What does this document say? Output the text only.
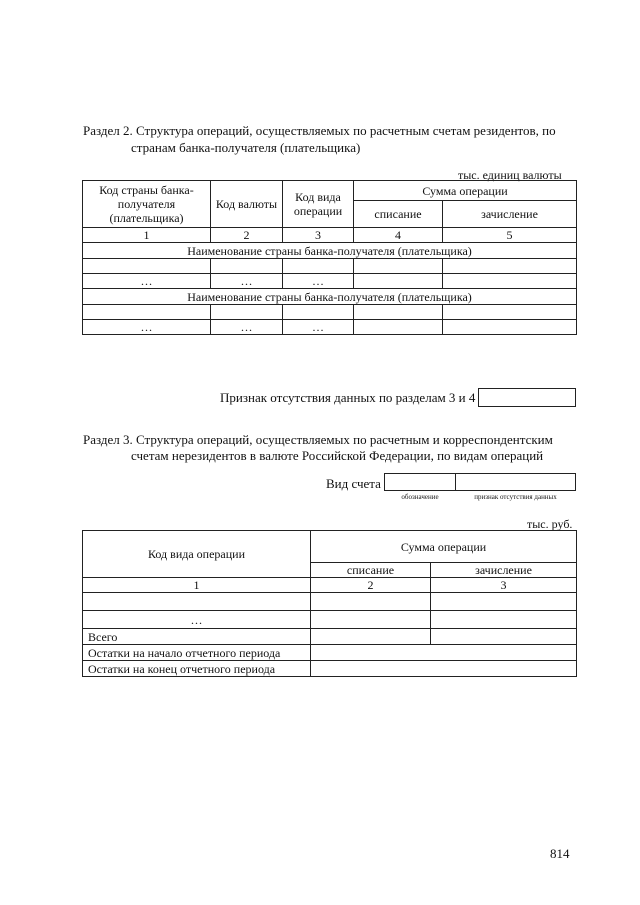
Раздел 2. Структура операций, осуществляемых по расчетным счетам резидентов, по
странам банка-получателя (плательщика)
тыс. единиц валюты
Код страны банка-получателя (плательщика)	Код валюты	Код вида операции	Сумма операции	
			списание	зачисление
1	2	3	4	5
Наименование страны банка-получателя (плательщика)				

…	…	…		
Наименование страны банка-получателя (плательщика)				

…	…	…		
Признак отсутствия данных по разделам 3 и 4
Раздел 3. Структура операций, осуществляемых по расчетным и корреспондентским
счетам нерезидентов в валюте Российской Федерации, по видам операций
Вид счета
обозначение	признак отсутствия данных
тыс. руб.
Код вида операции	Сумма операции	
	списание	зачисление
1	2	3

…		
Всего		
Остатки на начало отчетного периода		
Остатки на конец отчетного периода		
814
